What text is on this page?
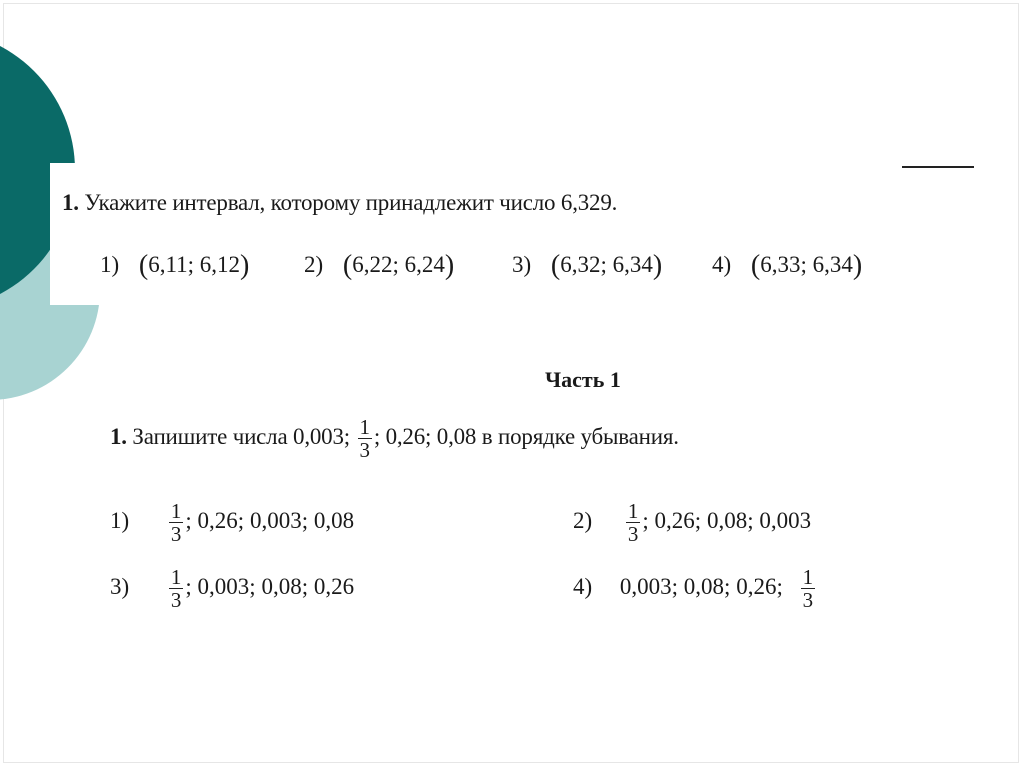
1. Укажите интервал, которому принадлежит число 6,329.
1) (6,11; 6,12) 2) (6,22; 6,24)	3) (6,32; 6,34) 4) (6,33; 6,34)
Часть 1
1. Запишите числа 0,003; $\frac{1}{3}$ ; 0,26; 0,08 в порядке убывания.
$1) \frac{1}{3}$ ; 0,26; 0,003; 0,08	$2) \frac{1}{3}$ ; 0,26; 0,08; 0,003
$3) \frac{1}{3}$ ; 0,003; 0,08; 0,26	4) 0,003; 0,08; 0,26; $\frac{1}{3}$
